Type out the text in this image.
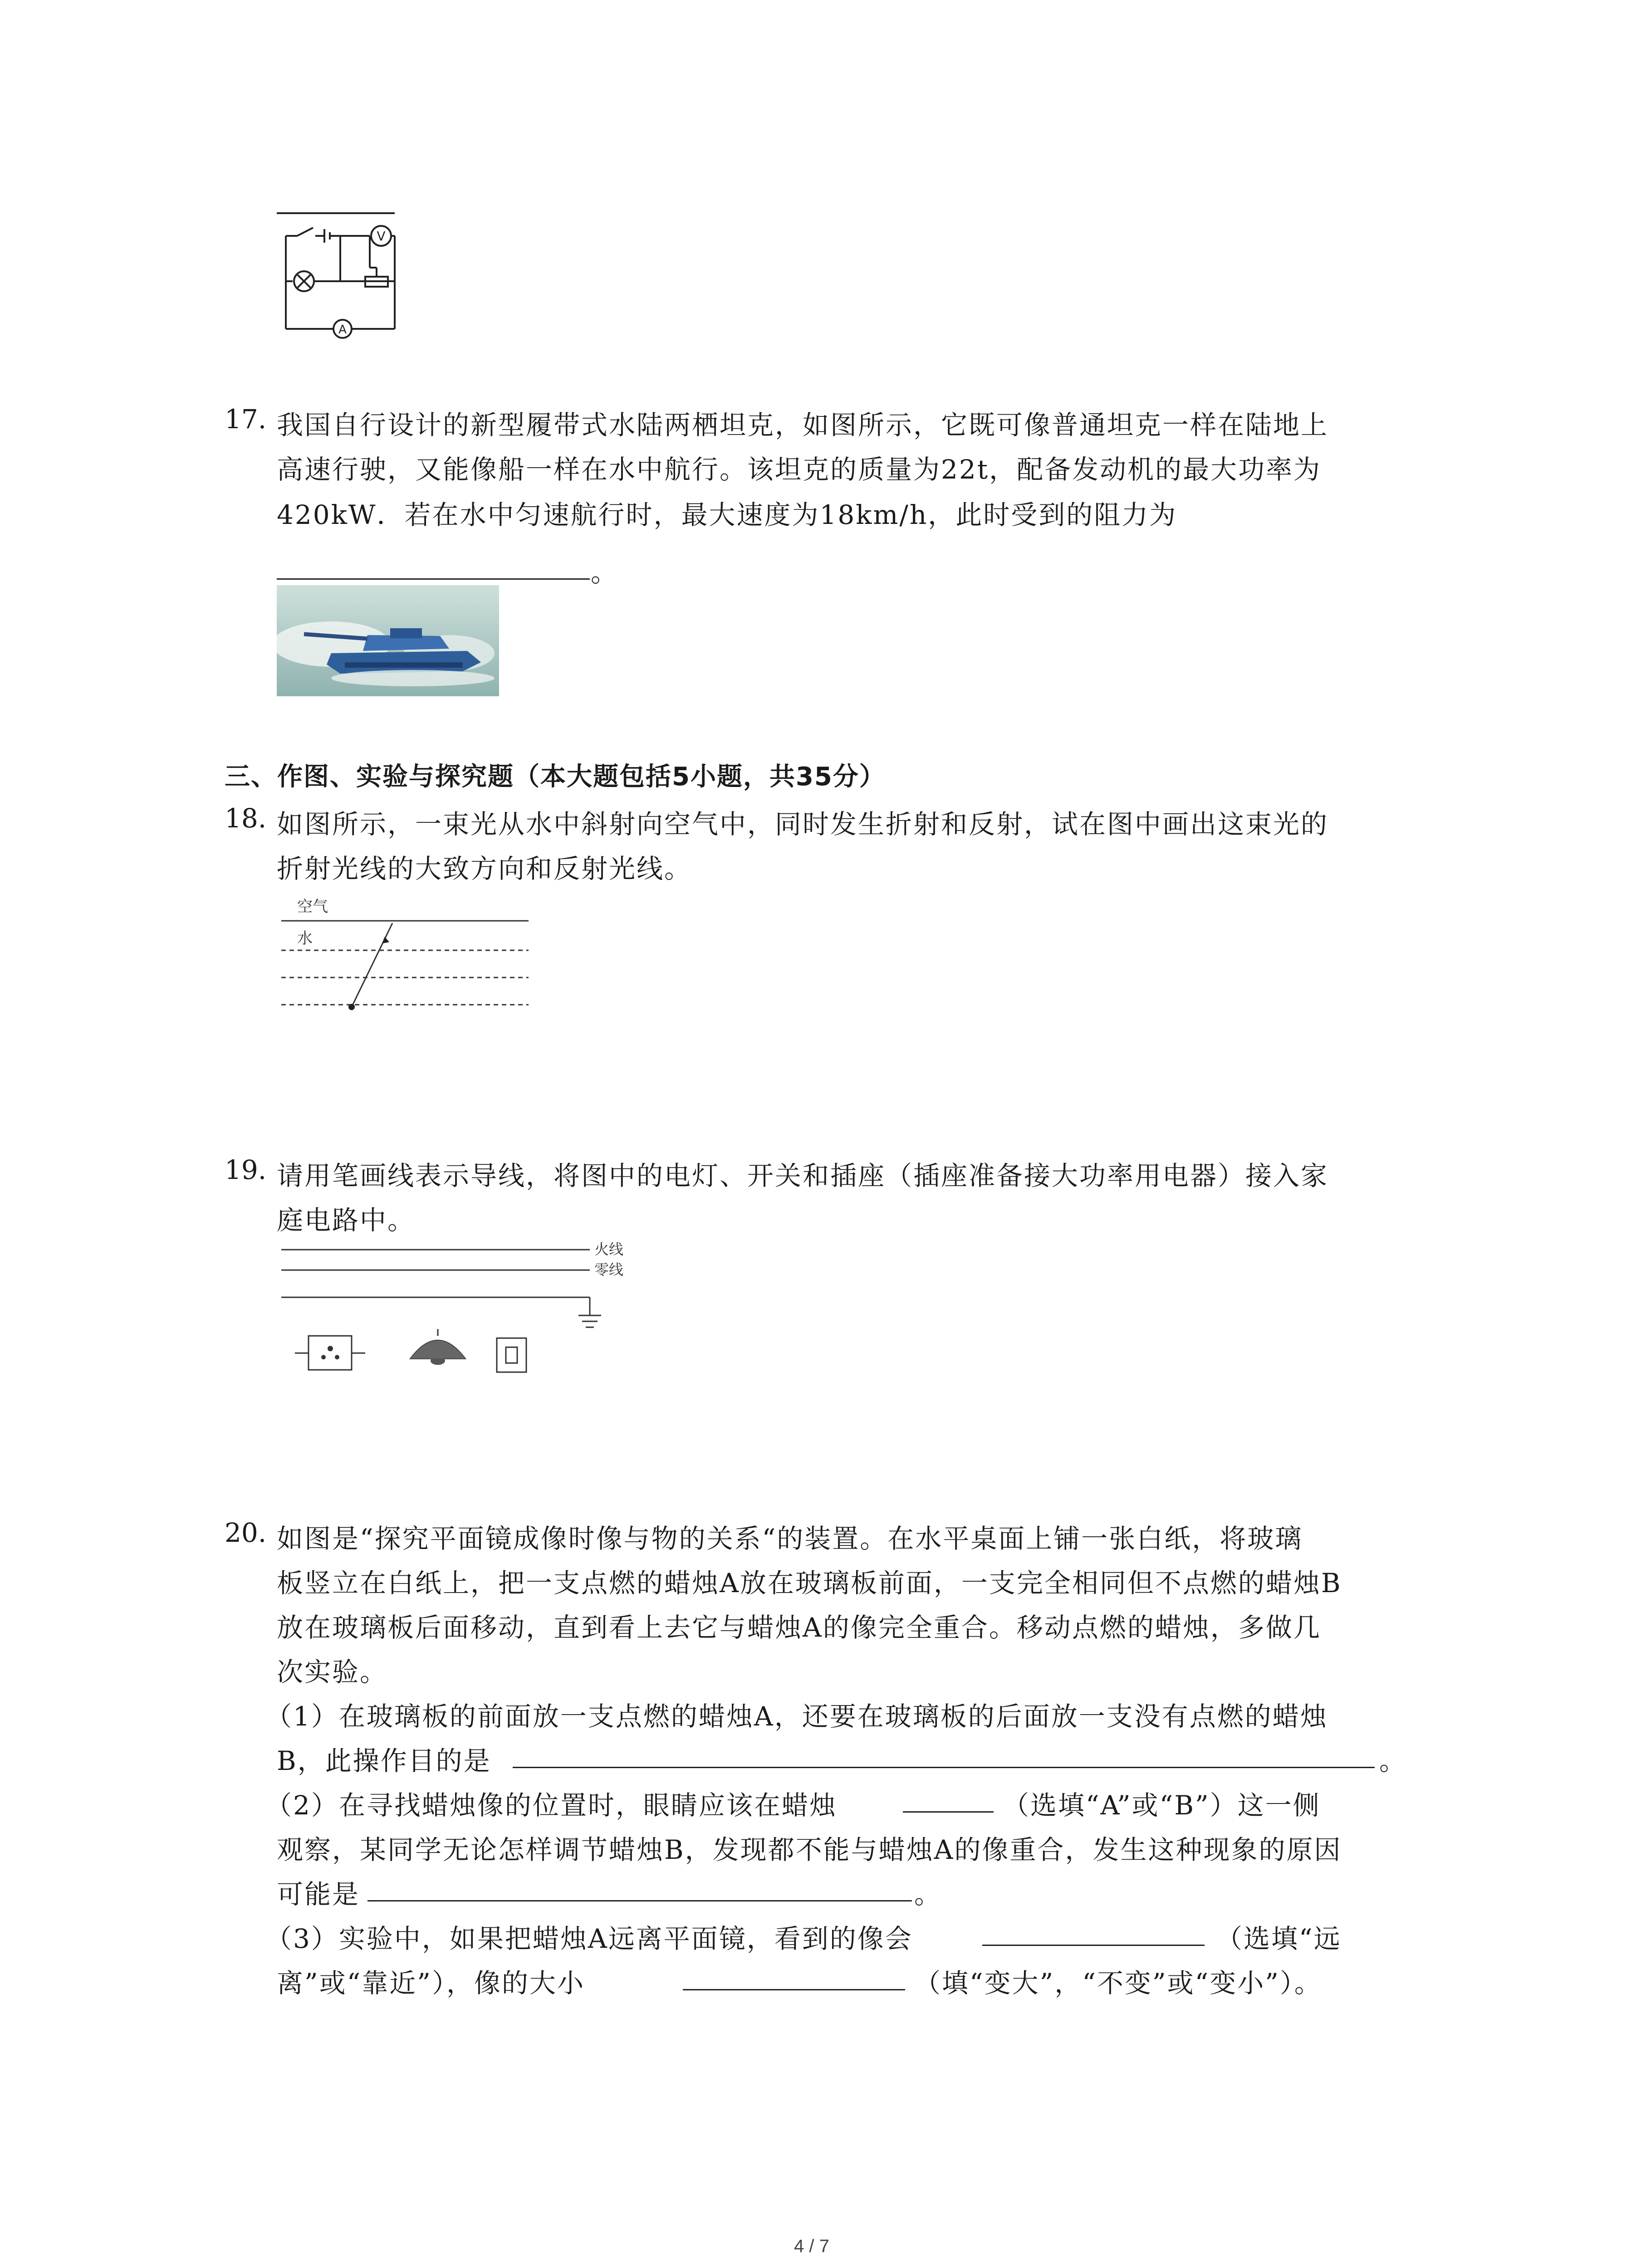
V
A
17. 我国自行设计的新型履带式水陆两栖坦克，如图所示，它既可像普通坦克一样在陆地上
高速行驶，又能像船一样在水中航行。该坦克的质量为22t，配备发动机的最大功率为
420kW．若在水中匀速航行时，最大速度为18km/h，此时受到的阻力为
。
三、作图、实验与探究题（本大题包括5小题，共35分）
18. 如图所示，一束光从水中斜射向空气中，同时发生折射和反射，试在图中画出这束光的
折射光线的大致方向和反射光线。
空气
水
19. 请用笔画线表示导线，将图中的电灯、开关和插座（插座准备接大功率用电器）接入家
庭电路中。
火线
零线
20. 如图是“探究平面镜成像时像与物的关系“的装置。在水平桌面上铺一张白纸，将玻璃
板竖立在白纸上，把一支点燃的蜡烛A放在玻璃板前面，一支完全相同但不点燃的蜡烛B
放在玻璃板后面移动，直到看上去它与蜡烛A的像完全重合。移动点燃的蜡烛，多做几
次实验。
（1）在玻璃板的前面放一支点燃的蜡烛A，还要在玻璃板的后面放一支没有点燃的蜡烛
B，此操作目的是	。
（2）在寻找蜡烛像的位置时，眼睛应该在蜡烛	（选填“A”或“B”）这一侧
观察，某同学无论怎样调节蜡烛B，发现都不能与蜡烛A的像重合，发生这种现象的原因
可能是	。
（3）实验中，如果把蜡烛A远离平面镜，看到的像会	（选填“远
离”或“靠近”），像的大小	（填“变大”，“不变”或“变小”）。
4 / 7
